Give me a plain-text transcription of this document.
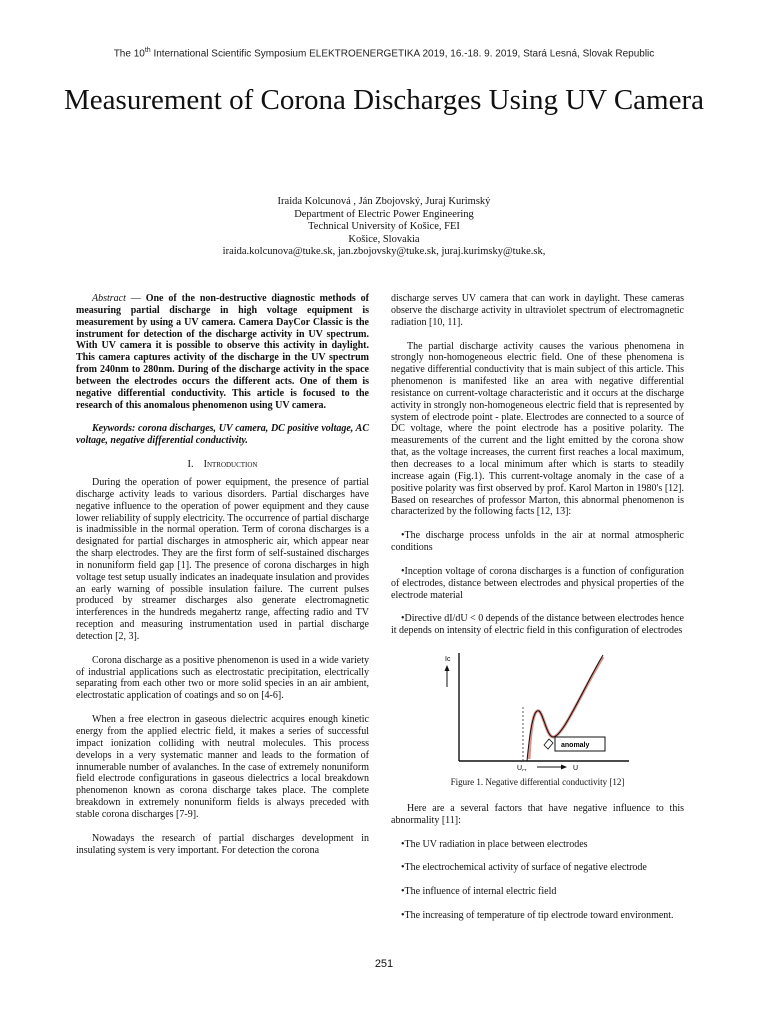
The 10th International Scientific Symposium ELEKTROENERGETIKA 2019, 16.-18. 9. 2019, Stará Lesná, Slovak Republic
Measurement of Corona Discharges Using UV Camera
Iraida Kolcunová , Ján Zbojovský, Juraj Kurimský
Department of Electric Power Engineering
Technical University of Košice, FEI
Košice, Slovakia
iraida.kolcunova@tuke.sk, jan.zbojovsky@tuke.sk, juraj.kurimsky@tuke.sk,

Abstract — One of the non-destructive diagnostic methods of measuring partial discharge in high voltage equipment is measurement by using a UV camera. Camera DayCor Classic is the instrument for detection of the discharge activity in UV spectrum. With UV camera it is possible to observe this activity in daylight. This camera captures activity of the discharge in the UV spectrum from 240nm to 280nm. During of the discharge activity in the space between the electrodes occurs the different acts. One of them is negative differential conductivity. This article is focused to the research of this anomalous phenomenon using UV camera.

Keywords: corona discharges, UV camera, DC positive voltage, AC voltage, negative differential conductivity.

I. Introduction

During the operation of power equipment, the presence of partial discharge activity leads to various disorders. Partial discharges have negative influence to the operation of power equipment and they cause lower reliability of supply electricity. The occurrence of partial discharge is inadmissible in the normal operation. Term of corona discharges is a designated for partial discharges in atmospheric air, which appear near the sharp electrodes. They are the first form of self-sustained discharges in nonuniform field gap [1]. The presence of corona discharges in high voltage test setup usually indicates an inadequate insulation and provides an early warning of possible insulation failure. The current pulses produced by streamer discharges also generate electromagnetic interferences in the hundreds megahertz range, affecting radio and TV reception and measuring instrumentation used in partial discharge detection [2, 3].

Corona discharge as a positive phenomenon is used in a wide variety of industrial applications such as electrostatic precipitation, electrically separating from each other two or more solid species in an air ambient, electrostatic application of coatings and so on [4-6].

When a free electron in gaseous dielectric acquires enough kinetic energy from the applied electric field, it makes a series of successful impact ionization colliding with neutral molecules. This process develops in a very systematic manner and leads to the formation of innumerable number of avalanches. In the case of extremely nonuniform field electrode configurations in gaseous dielectrics a local breakdown phenomenon known as corona discharge takes place. The complete breakdown in extremely nonuniform fields is always preceded with stable corona discharges [7-9].

Nowadays the research of partial discharges development in insulating system is very important. For detection the corona

discharge serves UV camera that can work in daylight. These cameras observe the discharge activity in ultraviolet spectrum of electromagnetic radiation [10, 11].

The partial discharge activity causes the various phenomena in strongly non-homogeneous electric field. One of these phenomena is negative differential conductivity that is main subject of this article. This phenomenon is manifested like an area with negative differential resistance on current-voltage characteristic and it occurs at the discharge activity in strongly non-homogeneous electric field that is represented by system of electrode point - plate. Electrodes are connected to a source of DC voltage, where the point electrode has a positive polarity. The measurements of the current and the light emitted by the corona show that, as the voltage increases, the current first reaches a local maximum, then decreases to a local minimum after which is starts to steadily increase again (Fig.1). This current-voltage anomaly in the case of a positive polarity was first observed by prof. Karol Marton in 1980's [12]. Based on researches of professor Marton, this abnormal phenomenon is characterized by the following facts [12, 13]:

•The discharge process unfolds in the air at normal atmospheric conditions

•Inception voltage of corona discharges is a function of configuration of electrodes, distance between electrodes and physical properties of the electrode material

•Directive dI/dU < 0 depends of the distance between electrodes hence it depends on intensity of electric field in this configuration of electrodes

Ic
U
anomaly
$U_{cr}$
Figure 1. Negative differential conductivity [12]

Here are a several factors that have negative influence to this abnormality [11]:

•The UV radiation in place between electrodes

•The electrochemical activity of surface of negative electrode

•The influence of internal electric field

•The increasing of temperature of tip electrode toward environment.

251
